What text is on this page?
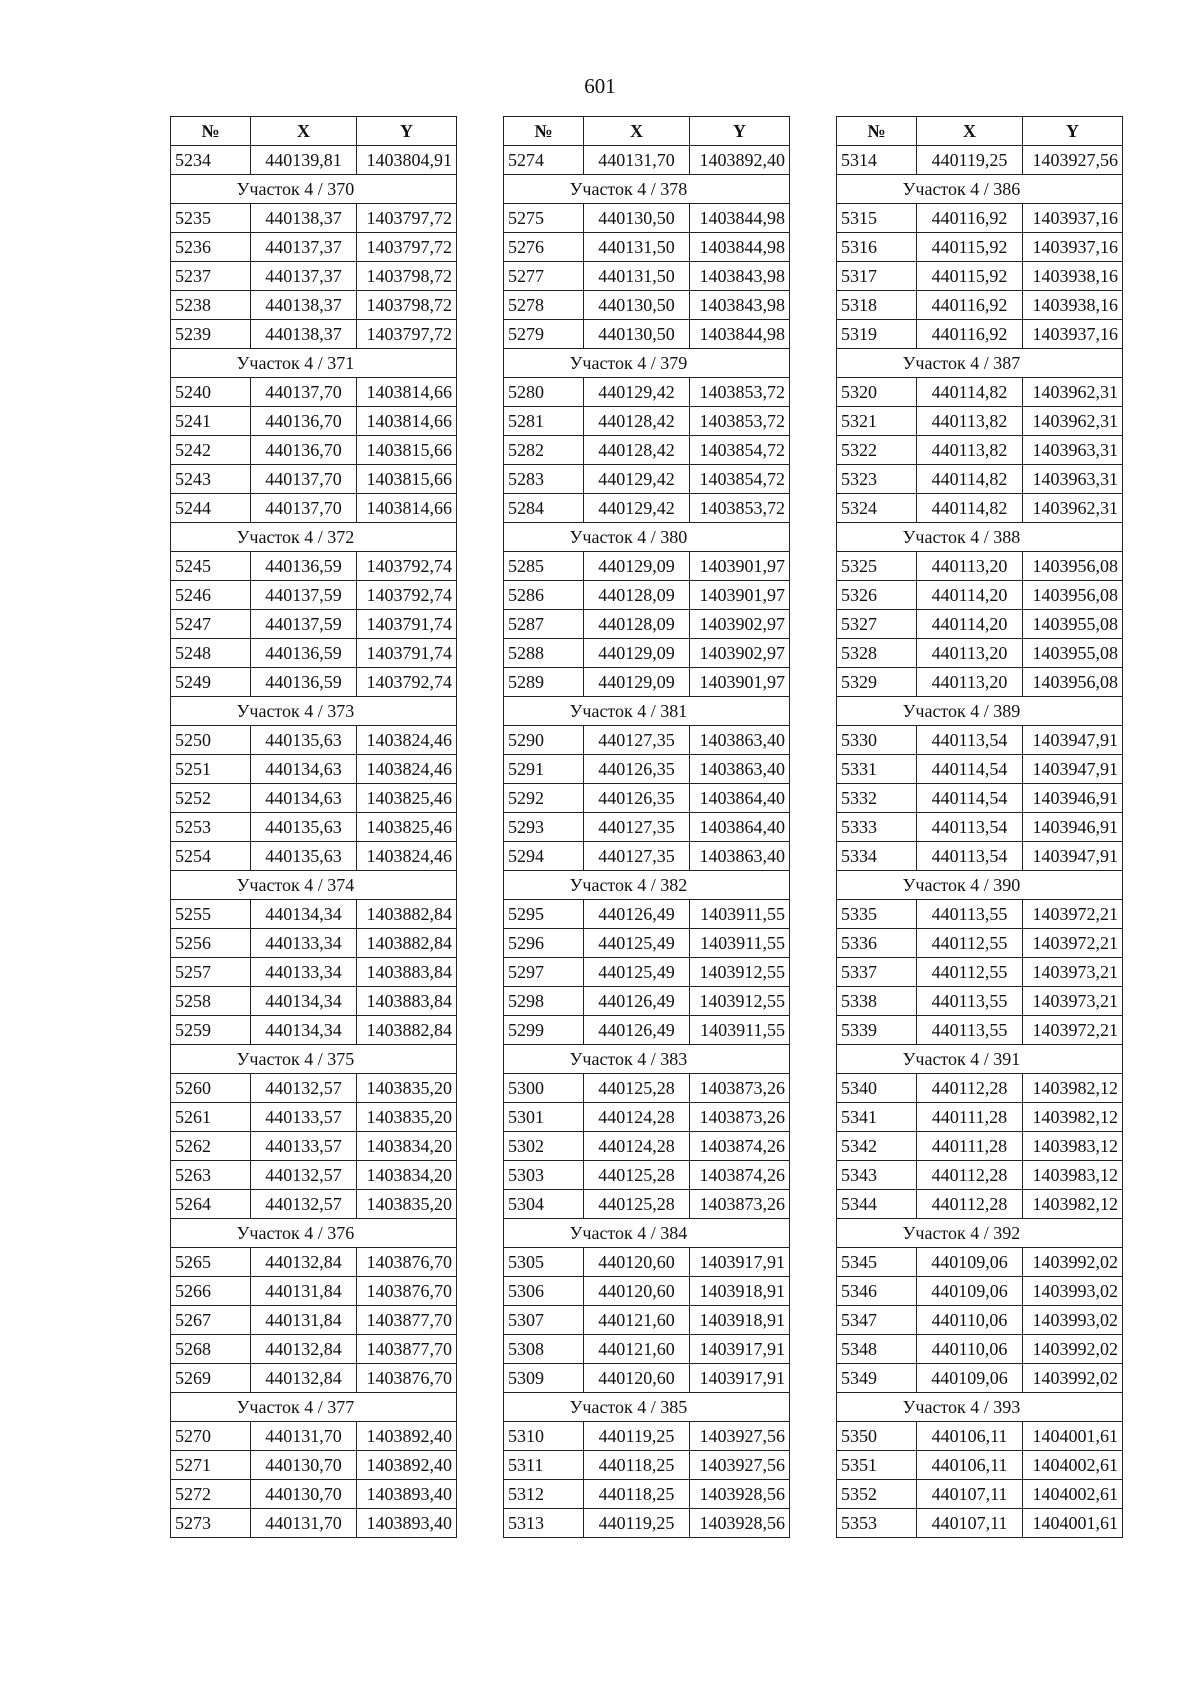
601
№	X	Y
5234	440139,81	1403804,91
Участок 4 / 370		
5235	440138,37	1403797,72
5236	440137,37	1403797,72
5237	440137,37	1403798,72
5238	440138,37	1403798,72
5239	440138,37	1403797,72
Участок 4 / 371		
5240	440137,70	1403814,66
5241	440136,70	1403814,66
5242	440136,70	1403815,66
5243	440137,70	1403815,66
5244	440137,70	1403814,66
Участок 4 / 372		
5245	440136,59	1403792,74
5246	440137,59	1403792,74
5247	440137,59	1403791,74
5248	440136,59	1403791,74
5249	440136,59	1403792,74
Участок 4 / 373		
5250	440135,63	1403824,46
5251	440134,63	1403824,46
5252	440134,63	1403825,46
5253	440135,63	1403825,46
5254	440135,63	1403824,46
Участок 4 / 374		
5255	440134,34	1403882,84
5256	440133,34	1403882,84
5257	440133,34	1403883,84
5258	440134,34	1403883,84
5259	440134,34	1403882,84
Участок 4 / 375		
5260	440132,57	1403835,20
5261	440133,57	1403835,20
5262	440133,57	1403834,20
5263	440132,57	1403834,20
5264	440132,57	1403835,20
Участок 4 / 376		
5265	440132,84	1403876,70
5266	440131,84	1403876,70
5267	440131,84	1403877,70
5268	440132,84	1403877,70
5269	440132,84	1403876,70
Участок 4 / 377		
5270	440131,70	1403892,40
5271	440130,70	1403892,40
5272	440130,70	1403893,40
5273	440131,70	1403893,40
№	X	Y
5274	440131,70	1403892,40
Участок 4 / 378		
5275	440130,50	1403844,98
5276	440131,50	1403844,98
5277	440131,50	1403843,98
5278	440130,50	1403843,98
5279	440130,50	1403844,98
Участок 4 / 379		
5280	440129,42	1403853,72
5281	440128,42	1403853,72
5282	440128,42	1403854,72
5283	440129,42	1403854,72
5284	440129,42	1403853,72
Участок 4 / 380		
5285	440129,09	1403901,97
5286	440128,09	1403901,97
5287	440128,09	1403902,97
5288	440129,09	1403902,97
5289	440129,09	1403901,97
Участок 4 / 381		
5290	440127,35	1403863,40
5291	440126,35	1403863,40
5292	440126,35	1403864,40
5293	440127,35	1403864,40
5294	440127,35	1403863,40
Участок 4 / 382		
5295	440126,49	1403911,55
5296	440125,49	1403911,55
5297	440125,49	1403912,55
5298	440126,49	1403912,55
5299	440126,49	1403911,55
Участок 4 / 383		
5300	440125,28	1403873,26
5301	440124,28	1403873,26
5302	440124,28	1403874,26
5303	440125,28	1403874,26
5304	440125,28	1403873,26
Участок 4 / 384		
5305	440120,60	1403917,91
5306	440120,60	1403918,91
5307	440121,60	1403918,91
5308	440121,60	1403917,91
5309	440120,60	1403917,91
Участок 4 / 385		
5310	440119,25	1403927,56
5311	440118,25	1403927,56
5312	440118,25	1403928,56
5313	440119,25	1403928,56
№	X	Y
5314	440119,25	1403927,56
Участок 4 / 386		
5315	440116,92	1403937,16
5316	440115,92	1403937,16
5317	440115,92	1403938,16
5318	440116,92	1403938,16
5319	440116,92	1403937,16
Участок 4 / 387		
5320	440114,82	1403962,31
5321	440113,82	1403962,31
5322	440113,82	1403963,31
5323	440114,82	1403963,31
5324	440114,82	1403962,31
Участок 4 / 388		
5325	440113,20	1403956,08
5326	440114,20	1403956,08
5327	440114,20	1403955,08
5328	440113,20	1403955,08
5329	440113,20	1403956,08
Участок 4 / 389		
5330	440113,54	1403947,91
5331	440114,54	1403947,91
5332	440114,54	1403946,91
5333	440113,54	1403946,91
5334	440113,54	1403947,91
Участок 4 / 390		
5335	440113,55	1403972,21
5336	440112,55	1403972,21
5337	440112,55	1403973,21
5338	440113,55	1403973,21
5339	440113,55	1403972,21
Участок 4 / 391		
5340	440112,28	1403982,12
5341	440111,28	1403982,12
5342	440111,28	1403983,12
5343	440112,28	1403983,12
5344	440112,28	1403982,12
Участок 4 / 392		
5345	440109,06	1403992,02
5346	440109,06	1403993,02
5347	440110,06	1403993,02
5348	440110,06	1403992,02
5349	440109,06	1403992,02
Участок 4 / 393		
5350	440106,11	1404001,61
5351	440106,11	1404002,61
5352	440107,11	1404002,61
5353	440107,11	1404001,61
